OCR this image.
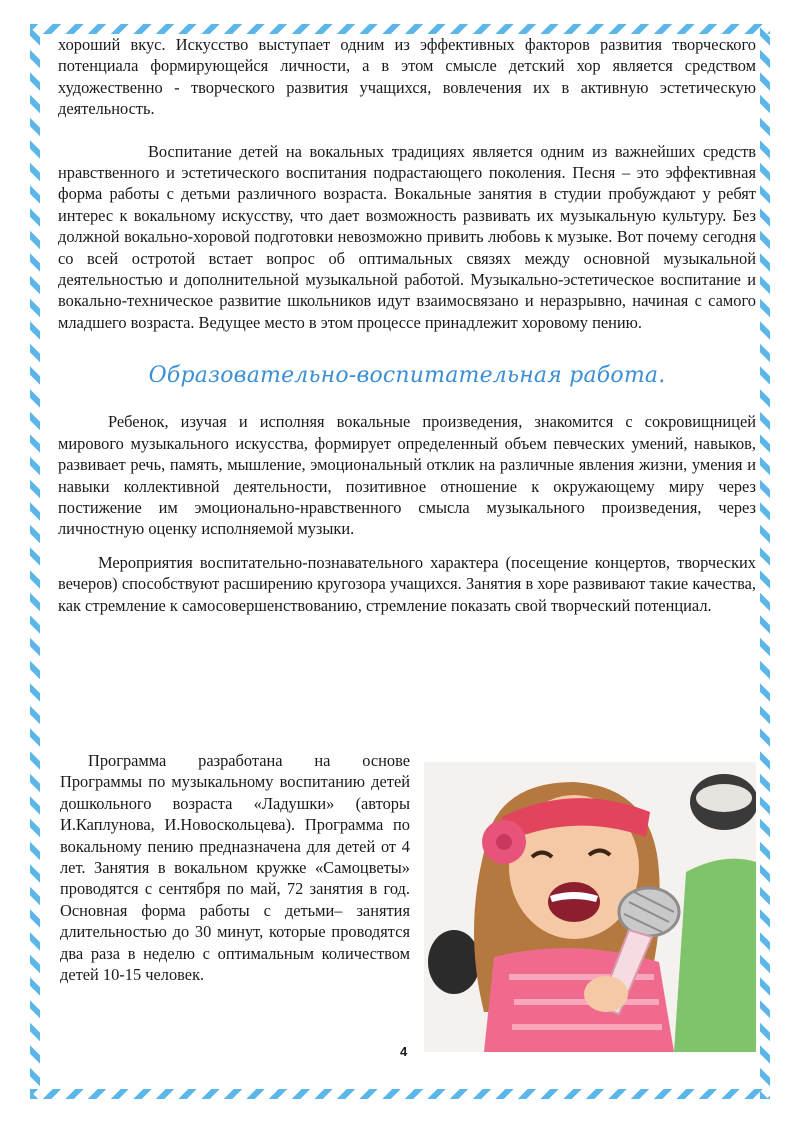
хороший вкус. Искусство выступает одним из эффективных факторов развития творческого потенциала формирующейся личности, а в этом смысле детский хор является средством художественно - творческого развития учащихся, вовлечения их в активную эстетическую деятельность.

Воспитание детей на вокальных традициях является одним из важнейших средств нравственного и эстетического воспитания подрастающего поколения. Песня – это эффективная форма работы с детьми различного возраста. Вокальные занятия в студии пробуждают у ребят интерес к вокальному искусству, что дает возможность развивать их музыкальную культуру. Без должной вокально-хоровой подготовки невозможно привить любовь к музыке. Вот почему сегодня со всей остротой встает вопрос об оптимальных связях между основной музыкальной деятельностью и дополнительной музыкальной работой. Музыкально-эстетическое воспитание и вокально-техническое развитие школьников идут взаимосвязано и неразрывно, начиная с самого младшего возраста. Ведущее место в этом процессе принадлежит хоровому пению.

Образовательно-воспитательная работа.

Ребенок, изучая и исполняя вокальные произведения, знакомится с сокровищницей мирового музыкального искусства, формирует определенный объем певческих умений, навыков, развивает речь, память, мышление, эмоциональный отклик на различные явления жизни, умения и навыки коллективной деятельности, позитивное отношение к окружающему миру через постижение им эмоционально-нравственного смысла музыкального произведения, через личностную оценку исполняемой музыки.

Мероприятия воспитательно-познавательного характера (посещение концертов, творческих вечеров) способствуют расширению кругозора учащихся. Занятия в хоре развивают такие качества, как стремление к самосовершенствованию, стремление показать свой творческий потенциал.

Программа разработана на основе Программы по музыкальному воспитанию детей дошкольного возраста «Ладушки» (авторы И.Каплунова, И.Новоскольцева). Программа по вокальному пению предназначена для детей от 4 лет. Занятия в вокальном кружке «Самоцветы» проводятся с сентября по май, 72 занятия в год. Основная форма работы с детьми– занятия длительностью до 30 минут, которые проводятся два раза в неделю с оптимальным количеством детей 10-15 человек.

4
